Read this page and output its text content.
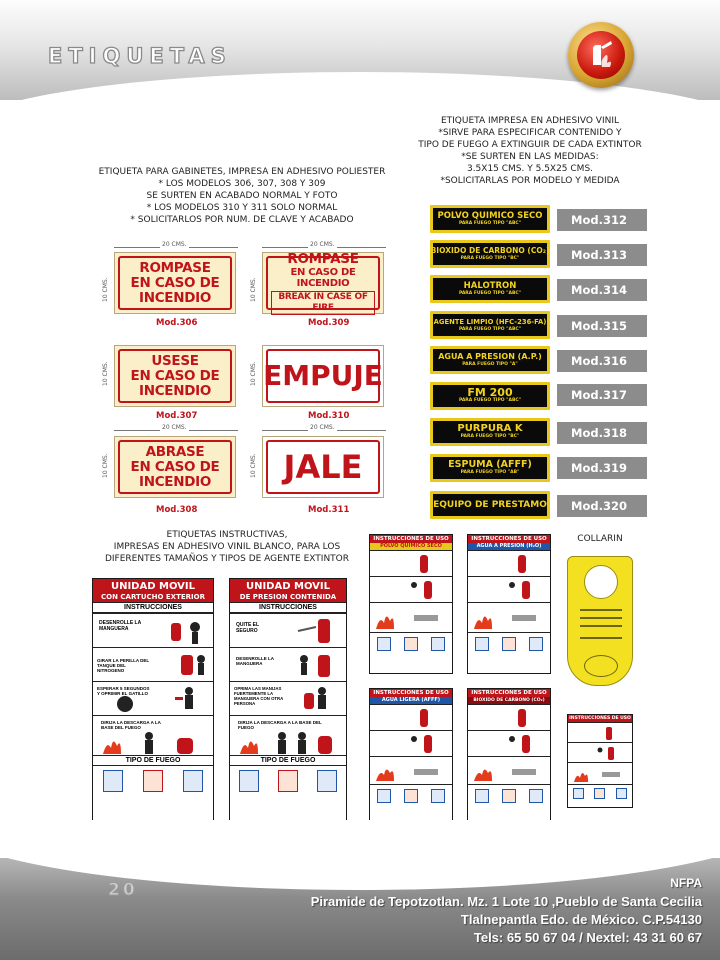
ETIQUETAS
ETIQUETA PARA GABINETES, IMPRESA EN ADHESIVO POLIESTER
* LOS MODELOS 306, 307, 308 Y 309
SE SURTEN EN ACABADO NORMAL Y FOTO
* LOS MODELOS 310 Y 311 SOLO NORMAL
* SOLICITARLOS POR NUM. DE CLAVE Y ACABADO
20 CMS.
10 CMS.
ROMPASE
EN CASO DE
INCENDIO
Mod.306
20 CMS.
10 CMS.
ROMPASE
EN CASO DE INCENDIO
BREAK IN CASE OF FIRE
Mod.309
10 CMS.
USESE
EN CASO DE
INCENDIO
Mod.307
10 CMS. EMPUJE
Mod.310
20 CMS.
10 CMS.
ABRASE
EN CASO DE
INCENDIO
Mod.308
20 CMS.
10 CMS. JALE
Mod.311
ETIQUETA IMPRESA EN ADHESIVO VINIL
*SIRVE PARA ESPECIFICAR CONTENIDO Y
TIPO DE FUEGO A EXTINGUIR DE CADA EXTINTOR
*SE SURTEN EN LAS MEDIDAS:
3.5X15 CMS. Y 5.5X25 CMS.
*SOLICITARLAS POR MODELO Y MEDIDA
POLVO QUIMICO SECO
PARA FUEGO TIPO "ABC"	Mod.312
BIOXIDO DE CARBONO (CO₂)
PARA FUEGO TIPO "BC"	Mod.313
HALOTRON
PARA FUEGO TIPO "ABC"	Mod.314
AGENTE LIMPIO (HFC-236-FA)
PARA FUEGO TIPO "ABC"	Mod.315
AGUA A PRESION (A.P.)
PARA FUEGO TIPO "A"	Mod.316
FM 200
PARA FUEGO TIPO "ABC"	Mod.317
PURPURA K
PARA FUEGO TIPO "BC"	Mod.318
ESPUMA (AFFF)
PARA FUEGO TIPO "AB"	Mod.319
EQUIPO DE PRESTAMO	Mod.320
ETIQUETAS INSTRUCTIVAS,
IMPRESAS EN ADHESIVO VINIL BLANCO, PARA LOS
DIFERENTES TAMAÑOS Y TIPOS DE AGENTE EXTINTOR
UNIDAD MOVIL
CON CARTUCHO EXTERIOR
INSTRUCCIONES
DESENROLLE LA MANGUERA
GIRAR LA PERILLA DEL TANQUE DEL NITROGENO
ESPERAR 5 SEGUNDOS Y OPRIMIR EL GATILLO
DIRIJA LA DESCARGA A LA BASE DEL FUEGO
TIPO DE FUEGO
UNIDAD MOVIL
DE PRESION CONTENIDA
INSTRUCCIONES
QUITE EL SEGURO
DESENROLLE LA MANGUERA
OPRIMA LAS MANIJAS FUERTEMENTE LA MANGUERA CON OTRA PERSONA
DIRIJA LA DESCARGA A LA BASE DEL FUEGO
TIPO DE FUEGO
INSTRUCCIONES DE USO
POLVO QUIMICO SECO
INSTRUCCIONES DE USO
AGUA A PRESION (H₂O)
INSTRUCCIONES DE USO
AGUA LIGERA (AFFF)
INSTRUCCIONES DE USO
BIOXIDO DE CARBONO (CO₂)
COLLARIN
INSTRUCCIONES DE USO
20	NFPA
Piramide de Tepotzotlan. Mz. 1 Lote 10 ,Pueblo de Santa Cecilia
Tlalnepantla Edo. de México. C.P.54130
Tels: 65 50 67 04 / Nextel: 43 31 60 67
